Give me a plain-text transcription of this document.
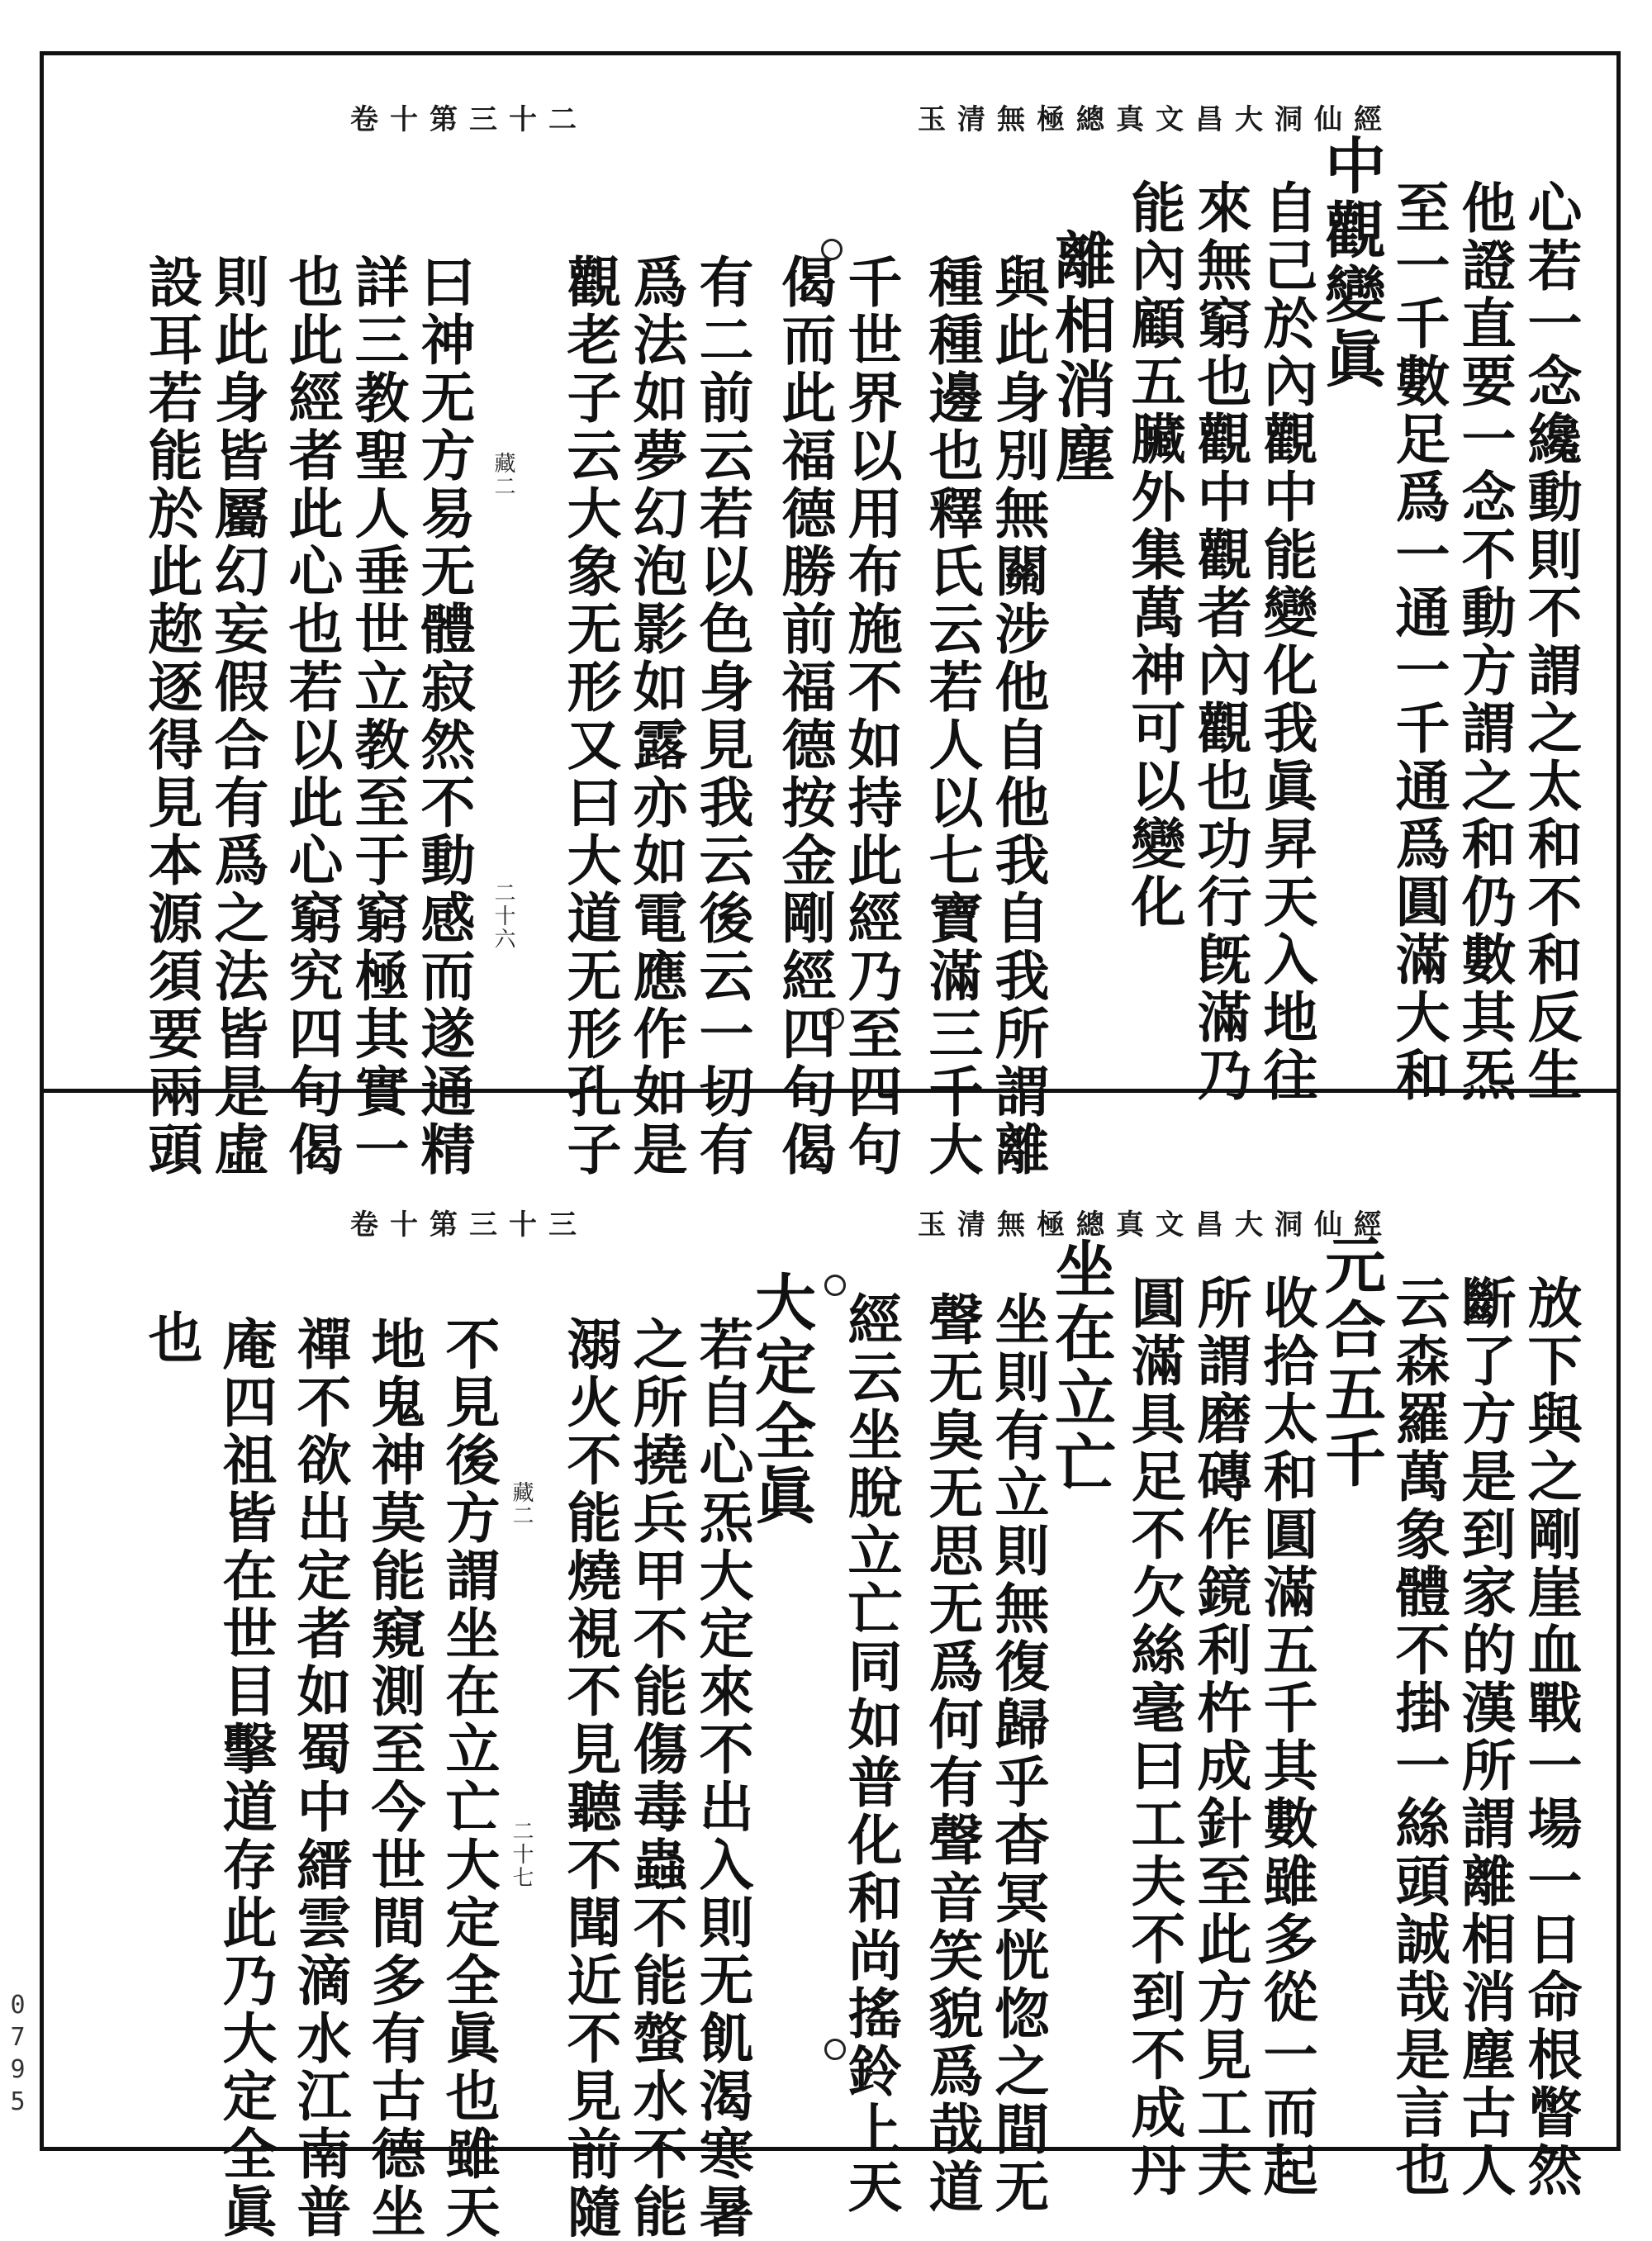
玉清無極總真文昌大洞仙經
卷十第三十二
心若一念纔動則不謂之太和不和反生
他證直要一念不動方謂之和仍數其炁
至一千數足爲一通一千通爲圓滿大和
中觀變眞
自己於內觀中能變化我眞昇天入地往
來無窮也觀中觀者內觀也功行旣滿乃
能內顧五臟外集萬神可以變化
離相消塵
與此身別無關涉他自他我自我所謂離
種種邊也釋氏云若人以七寶滿三千大
千世界以用布施不如持此經乃至四句
偈而此福德勝前福德按金剛經四句偈
有二前云若以色身見我云後云一切有
爲法如夢幻泡影如露亦如電應作如是
觀老子云大象无形又曰大道无形孔子
曰神无方易无體寂然不動感而遂通精
詳三教聖人垂世立教至于窮極其實一
也此經者此心也若以此心窮究四句偈
則此身皆屬幻妄假合有爲之法皆是虛
設耳若能於此趂逐得見本源須要兩頭	藏二
二十六
玉清無極總真文昌大洞仙經
卷十第三十三
放下與之剛崖血戰一場一日命根瞥然
斷了方是到家的漢所謂離相消塵古人
云森羅萬象體不掛一絲頭誠哉是言也
元合五千
收拾太和圓滿五千其數雖多從一而起
所謂磨磚作鏡利杵成針至此方見工夫
圓滿具足不欠絲毫曰工夫不到不成丹
坐在立亡
坐則有立則無復歸乎杳冥恍惚之間无
聲无臭无思无爲何有聲音笑貌爲哉道
經云坐脫立亡同如普化和尚搖鈴上天
大定全眞
若自心炁大定來不出入則无飢渴寒暑
之所撓兵甲不能傷毒蟲不能螫水不能
溺火不能燒視不見聽不聞近不見前隨
不見後方謂坐在立亡大定全眞也雖天
地鬼神莫能窺測至今世間多有古德坐
禪不欲出定者如蜀中縉雲滴水江南普
庵四祖皆在世目擊道存此乃大定全眞
也
藏二
二十七
0795
